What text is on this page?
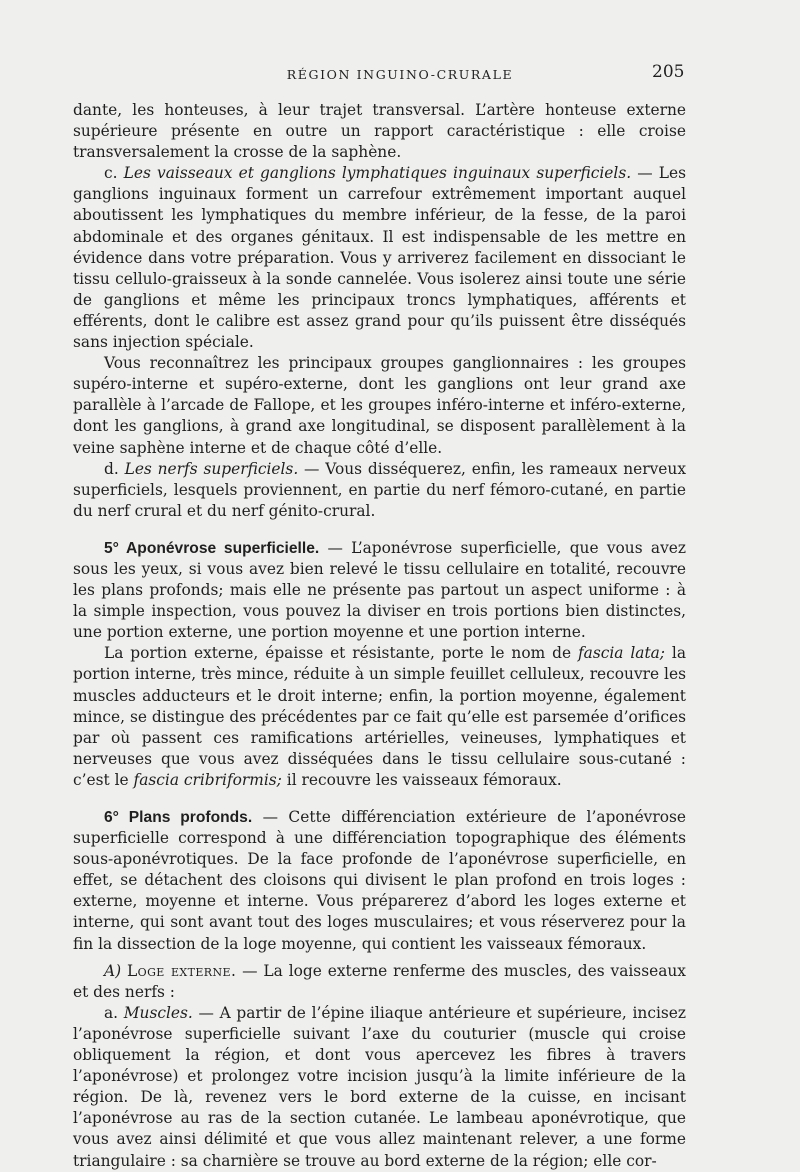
RÉGION INGUINO-CRURALE	205

dante, les honteuses, à leur trajet transversal. L’artère honteuse externe supérieure présente en outre un rapport caractéristique : elle croise transversalement la crosse de la saphène.

c. Les vaisseaux et ganglions lymphatiques inguinaux superficiels. — Les ganglions inguinaux forment un carrefour extrêmement important auquel aboutissent les lymphatiques du membre inférieur, de la fesse, de la paroi abdominale et des organes génitaux. Il est indispensable de les mettre en évidence dans votre préparation. Vous y arriverez facilement en dissociant le tissu cellulo-graisseux à la sonde cannelée. Vous isolerez ainsi toute une série de ganglions et même les principaux troncs lymphatiques, afférents et efférents, dont le calibre est assez grand pour qu’ils puissent être disséqués sans injection spéciale.

Vous reconnaîtrez les principaux groupes ganglionnaires : les groupes supéro-interne et supéro-externe, dont les ganglions ont leur grand axe parallèle à l’arcade de Fallope, et les groupes inféro-interne et inféro-externe, dont les ganglions, à grand axe longitudinal, se disposent parallèlement à la veine saphène interne et de chaque côté d’elle.

d. Les nerfs superficiels. — Vous disséquerez, enfin, les rameaux nerveux superficiels, lesquels proviennent, en partie du nerf fémoro-cutané, en partie du nerf crural et du nerf génito-crural.

5° Aponévrose superficielle. — L’aponévrose superficielle, que vous avez sous les yeux, si vous avez bien relevé le tissu cellulaire en totalité, recouvre les plans profonds; mais elle ne présente pas partout un aspect uniforme : à la simple inspection, vous pouvez la diviser en trois portions bien distinctes, une portion externe, une portion moyenne et une portion interne.

La portion externe, épaisse et résistante, porte le nom de fascia lata; la portion interne, très mince, réduite à un simple feuillet celluleux, recouvre les muscles adducteurs et le droit interne; enfin, la portion moyenne, également mince, se distingue des précédentes par ce fait qu’elle est parsemée d’orifices par où passent ces ramifications artérielles, veineuses, lymphatiques et nerveuses que vous avez disséquées dans le tissu cellulaire sous-cutané : c’est le fascia cribriformis; il recouvre les vaisseaux fémoraux.

6° Plans profonds. — Cette différenciation extérieure de l’aponévrose superficielle correspond à une différenciation topographique des éléments sous-aponévrotiques. De la face profonde de l’aponévrose superficielle, en effet, se détachent des cloisons qui divisent le plan profond en trois loges : externe, moyenne et interne. Vous préparerez d’abord les loges externe et interne, qui sont avant tout des loges musculaires; et vous réserverez pour la fin la dissection de la loge moyenne, qui contient les vaisseaux fémoraux.

A) Loge externe. — La loge externe renferme des muscles, des vaisseaux et des nerfs :

a. Muscles. — A partir de l’épine iliaque antérieure et supérieure, incisez l’aponévrose superficielle suivant l’axe du couturier (muscle qui croise obliquement la région, et dont vous apercevez les fibres à travers l’aponévrose) et prolongez votre incision jusqu’à la limite inférieure de la région. De là, revenez vers le bord externe de la cuisse, en incisant l’aponévrose au ras de la section cutanée. Le lambeau aponévrotique, que vous avez ainsi délimité et que vous allez maintenant relever, a une forme triangulaire : sa charnière se trouve au bord externe de la région; elle cor-
